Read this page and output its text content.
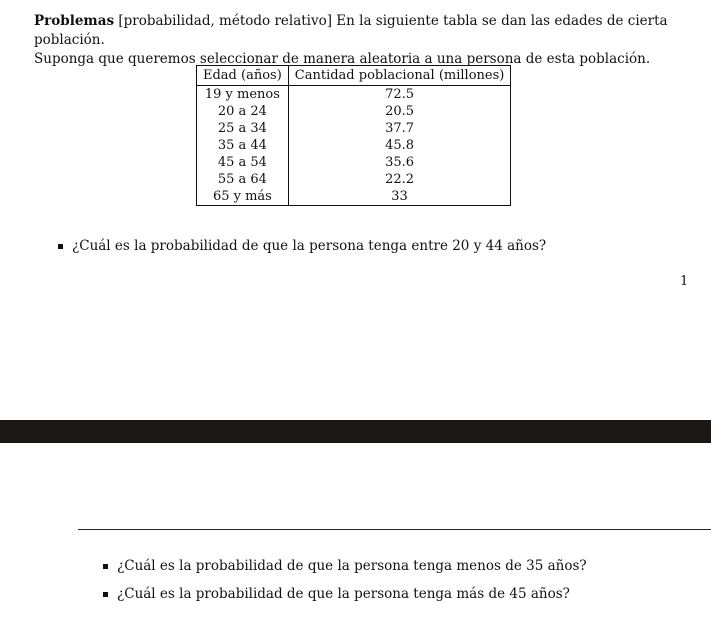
Problemas [probabilidad, método relativo] En la siguiente tabla se dan las edades de cierta población.
Suponga que queremos seleccionar de manera aleatoria a una persona de esta población.

Edad (años)	Cantidad poblacional (millones)
19 y menos	72.5
20 a 24	20.5
25 a 34	37.7
35 a 44	45.8
45 a 54	35.6
55 a 64	22.2
65 y más	33
¿Cuál es la probabilidad de que la persona tenga entre 20 y 44 años?
1
¿Cuál es la probabilidad de que la persona tenga menos de 35 años?
¿Cuál es la probabilidad de que la persona tenga más de 45 años?
